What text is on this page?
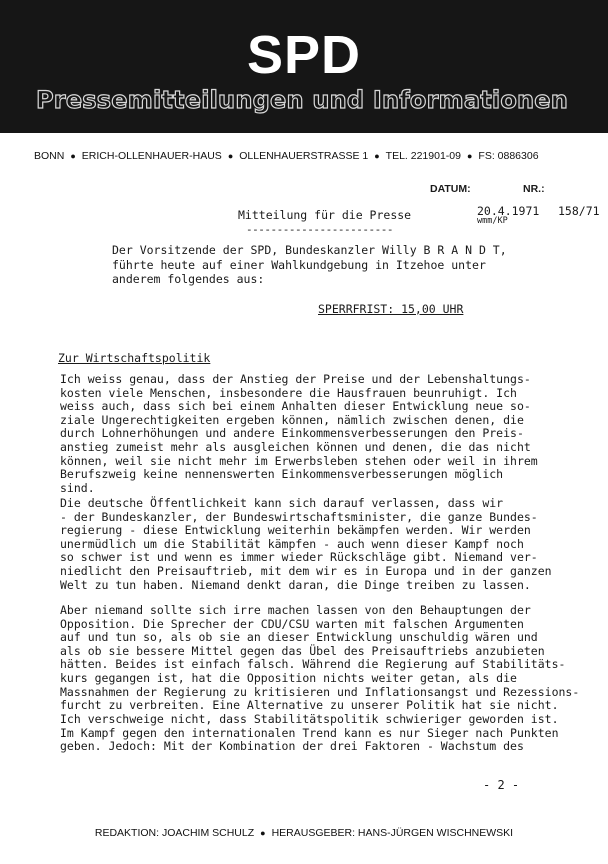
SPD
Pressemitteilungen und Informationen
BONN ● ERICH-OLLENHAUER-HAUS ● OLLENHAUERSTRASSE 1 ● TEL. 221901-09 ● FS: 0886306
DATUM:	NR.:
Mitteilung für die Presse
------------------------
20.4.1971 158/71
wmm/KP
Der Vorsitzende der SPD, Bundeskanzler Willy B R A N D T,
führte heute auf einer Wahlkundgebung in Itzehoe unter
anderem folgendes aus:
SPERRFRIST: 15,00 UHR
Zur Wirtschaftspolitik
Ich weiss genau, dass der Anstieg der Preise und der Lebenshaltungs-
kosten viele Menschen, insbesondere die Hausfrauen beunruhigt. Ich
weiss auch, dass sich bei einem Anhalten dieser Entwicklung neue so-
ziale Ungerechtigkeiten ergeben können, nämlich zwischen denen, die
durch Lohnerhöhungen und andere Einkommensverbesserungen den Preis-
anstieg zumeist mehr als ausgleichen können und denen, die das nicht
können, weil sie nicht mehr im Erwerbsleben stehen oder weil in ihrem
Berufszweig keine nennenswerten Einkommensverbesserungen möglich
sind.
Die deutsche Öffentlichkeit kann sich darauf verlassen, dass wir
- der Bundeskanzler, der Bundeswirtschaftsminister, die ganze Bundes-
regierung - diese Entwicklung weiterhin bekämpfen werden. Wir werden
unermüdlich um die Stabilität kämpfen - auch wenn dieser Kampf noch
so schwer ist und wenn es immer wieder Rückschläge gibt. Niemand ver-
niedlicht den Preisauftrieb, mit dem wir es in Europa und in der ganzen
Welt zu tun haben. Niemand denkt daran, die Dinge treiben zu lassen.
Aber niemand sollte sich irre machen lassen von den Behauptungen der
Opposition. Die Sprecher der CDU/CSU warten mit falschen Argumenten
auf und tun so, als ob sie an dieser Entwicklung unschuldig wären und
als ob sie bessere Mittel gegen das Übel des Preisauftriebs anzubieten
hätten. Beides ist einfach falsch. Während die Regierung auf Stabilitäts-
kurs gegangen ist, hat die Opposition nichts weiter getan, als die
Massnahmen der Regierung zu kritisieren und Inflationsangst und Rezessions-
furcht zu verbreiten. Eine Alternative zu unserer Politik hat sie nicht.
Ich verschweige nicht, dass Stabilitätspolitik schwieriger geworden ist.
Im Kampf gegen den internationalen Trend kann es nur Sieger nach Punkten
geben. Jedoch: Mit der Kombination der drei Faktoren - Wachstum des
- 2 -
REDAKTION: JOACHIM SCHULZ ● HERAUSGEBER: HANS-JÜRGEN WISCHNEWSKI
